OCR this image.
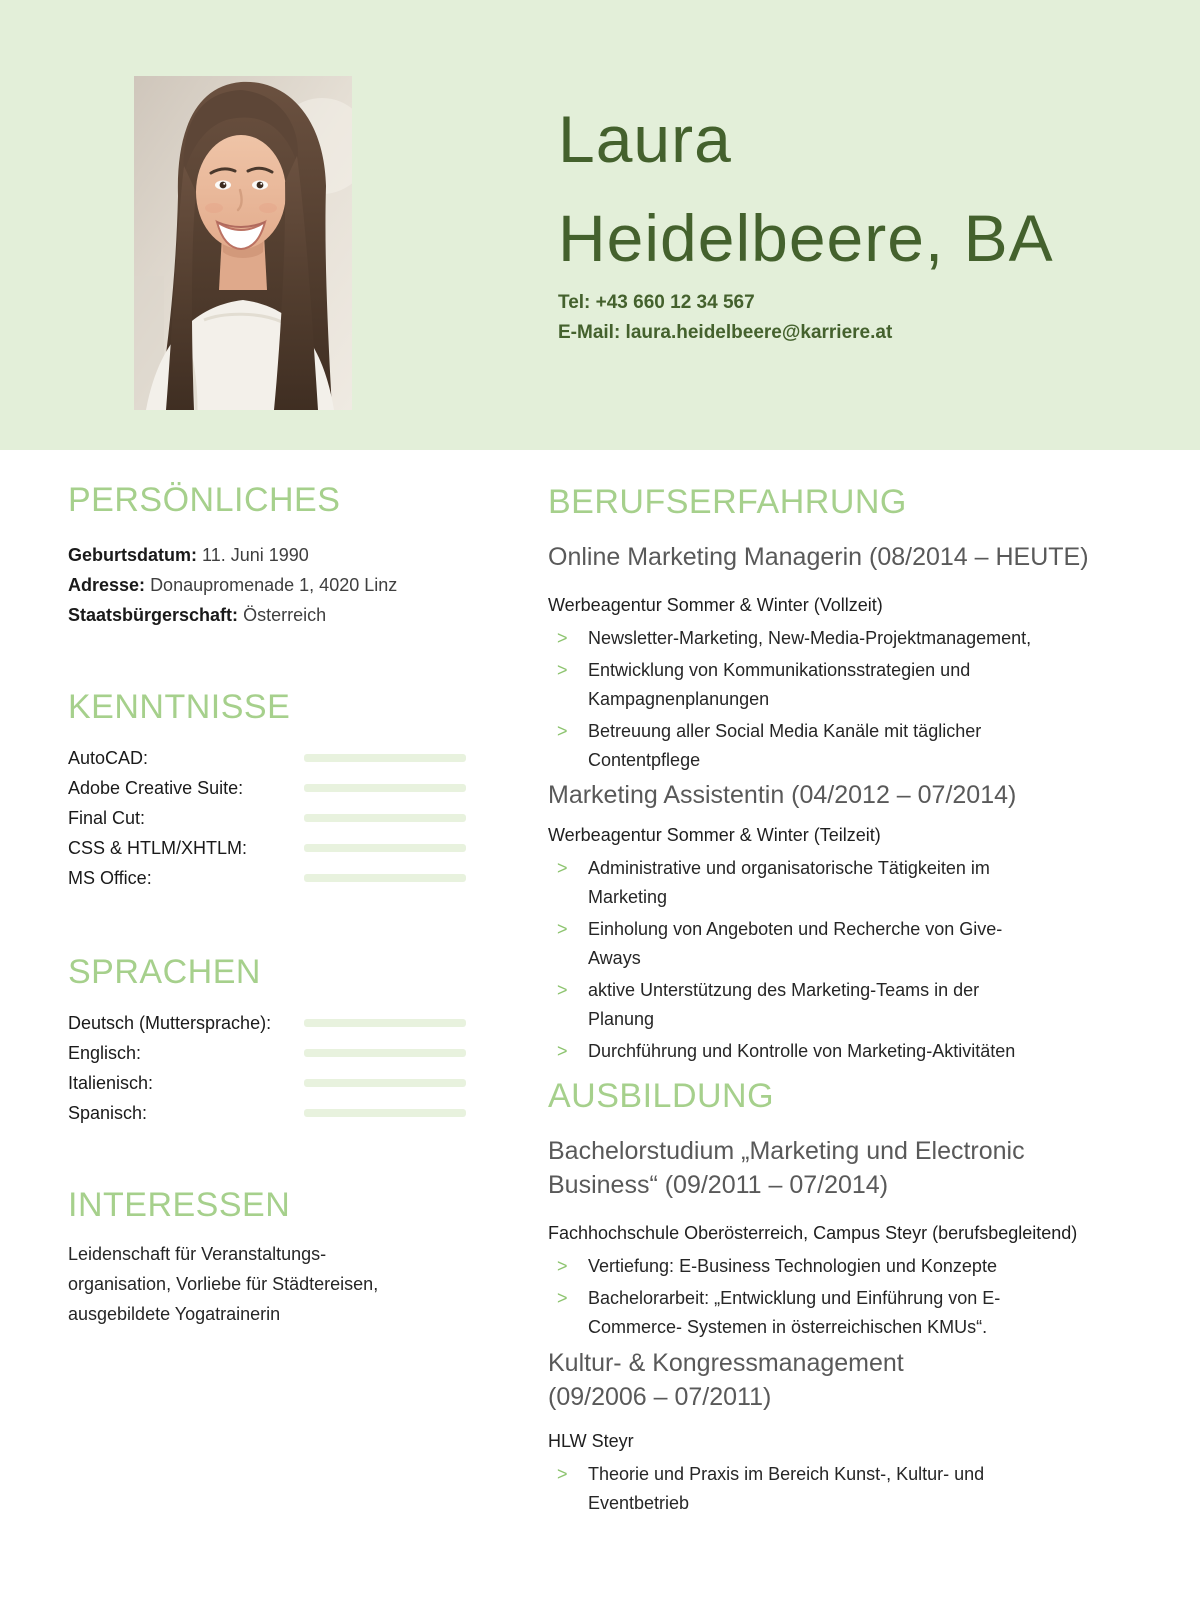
Laura
Heidelbeere, BA
Tel: +43 660 12 34 567
E-Mail: laura.heidelbeere@karriere.at
PERSÖNLICHES
Geburtsdatum: 11. Juni 1990
Adresse: Donaupromenade 1, 4020 Linz
Staatsbürgerschaft: Österreich
KENNTNISSE
AutoCAD:
Adobe Creative Suite:
Final Cut:
CSS & HTLM/XHTLM:
MS Office:
SPRACHEN
Deutsch (Muttersprache):
Englisch:
Italienisch:
Spanisch:
INTERESSEN
Leidenschaft für Veranstaltungs-
organisation, Vorliebe für Städtereisen,
ausgebildete Yogatrainerin
BERUFSERFAHRUNG
Online Marketing Managerin (08/2014 – HEUTE)
Werbeagentur Sommer & Winter (Vollzeit)
>	Newsletter-Marketing, New-Media-Projektmanagement,
>	Entwicklung von Kommunikationsstrategien und Kampagnenplanungen
>	Betreuung aller Social Media Kanäle mit täglicher Contentpflege
Marketing Assistentin (04/2012 – 07/2014)
Werbeagentur Sommer & Winter (Teilzeit)
>	Administrative und organisatorische Tätigkeiten im Marketing
>	Einholung von Angeboten und Recherche von Give-Aways
>	aktive Unterstützung des Marketing-Teams in der Planung
>	Durchführung und Kontrolle von Marketing-Aktivitäten
AUSBILDUNG
Bachelorstudium „Marketing und Electronic
Business“ (09/2011 – 07/2014)
Fachhochschule Oberösterreich, Campus Steyr (berufsbegleitend)
>	Vertiefung: E-Business Technologien und Konzepte
>	Bachelorarbeit: „Entwicklung und Einführung von E-Commerce- Systemen in österreichischen KMUs“.
Kultur- & Kongressmanagement
(09/2006 – 07/2011)
HLW Steyr
>	Theorie und Praxis im Bereich Kunst-, Kultur- und Eventbetrieb
